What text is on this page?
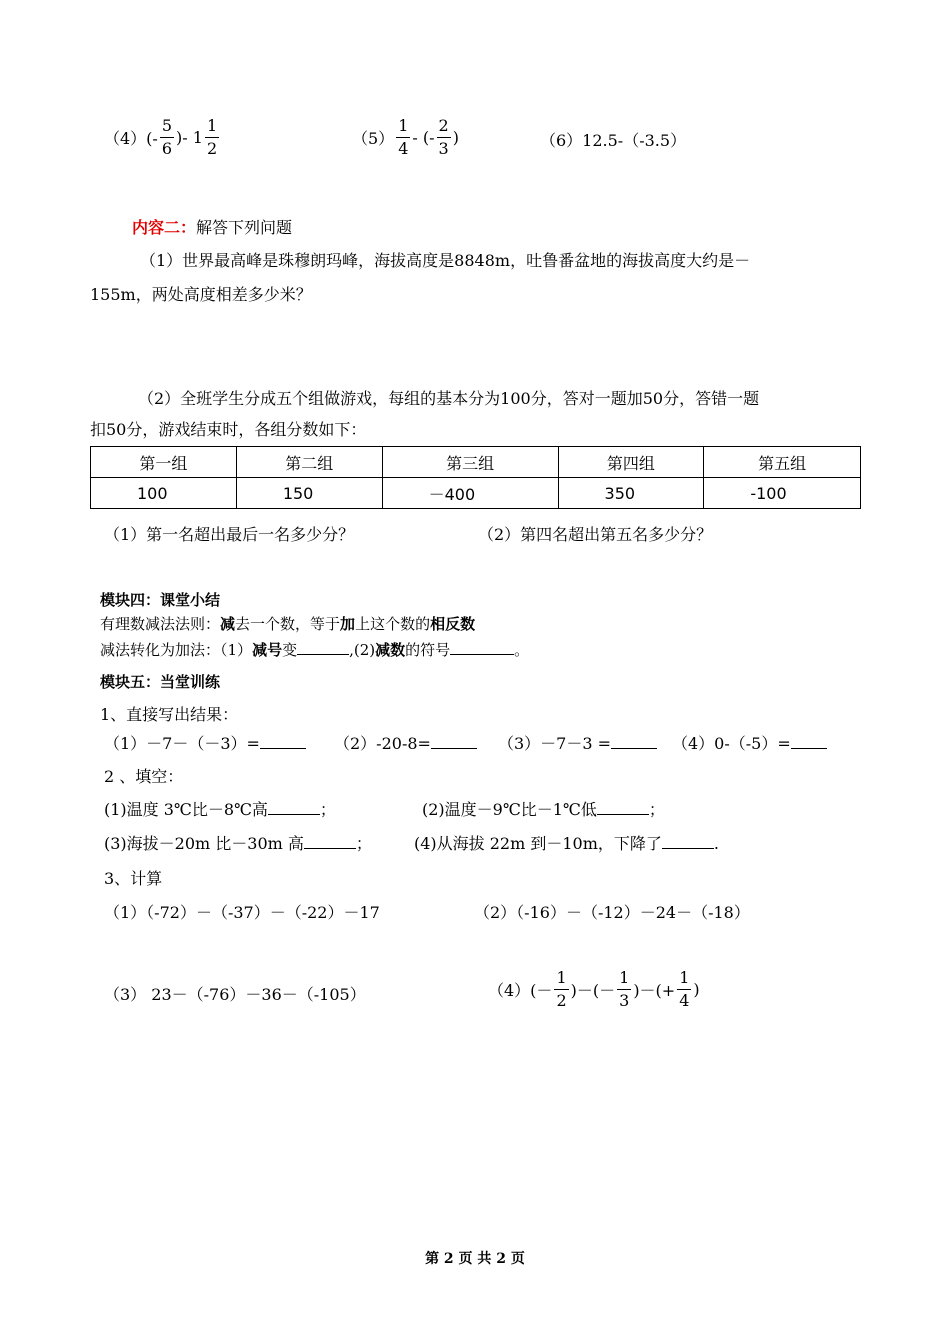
$(4)(- \frac{5}{6}$ )- $1 \frac{1}{2}$	$(5) \frac{1}{4}$ - (- $\frac{2}{3}$ )	（6）12.5-（-3.5）
内容二：解答下列问题
（1）世界最高峰是珠穆朗玛峰，海拔高度是8848m，吐鲁番盆地的海拔高度大约是－
155m，两处高度相差多少米？
（2）全班学生分成五个组做游戏，每组的基本分为100分，答对一题加50分，答错一题
扣50分，游戏结束时，各组分数如下：
第一组	第二组	第三组	第四组	第五组
100	150	－400	350	-100
（1）第一名超出最后一名多少分？	（2）第四名超出第五名多少分？
模块四：课堂小结
有理数减法法则：减去一个数，等于加上这个数的相反数
减法转化为加法：（1）减号变	,(2)减数的符号	。
模块五：当堂训练
1、直接写出结果：
（1）－7－（－3）=	（2）-20-8=	（3）－7－3 =	（4）0-（-5）=
2 、填空：
(1)温度 3℃比－8℃高	；	(2)温度－9℃比－1℃低	；
(3)海拔－20m 比－30m 高	；	(4)从海拔 22m 到－10m，下降了	.
3、计算
（1）（-72）－（-37）－（-22）－17	（2）（-16）－（-12）－24－（-18）
（3） 23－（-76）－36－（-105）	$(4)(- \frac{1}{2}$ )－(－ $\frac{1}{3}$ )－(+ $\frac{1}{4}$ )
第 2 页 共 2 页
